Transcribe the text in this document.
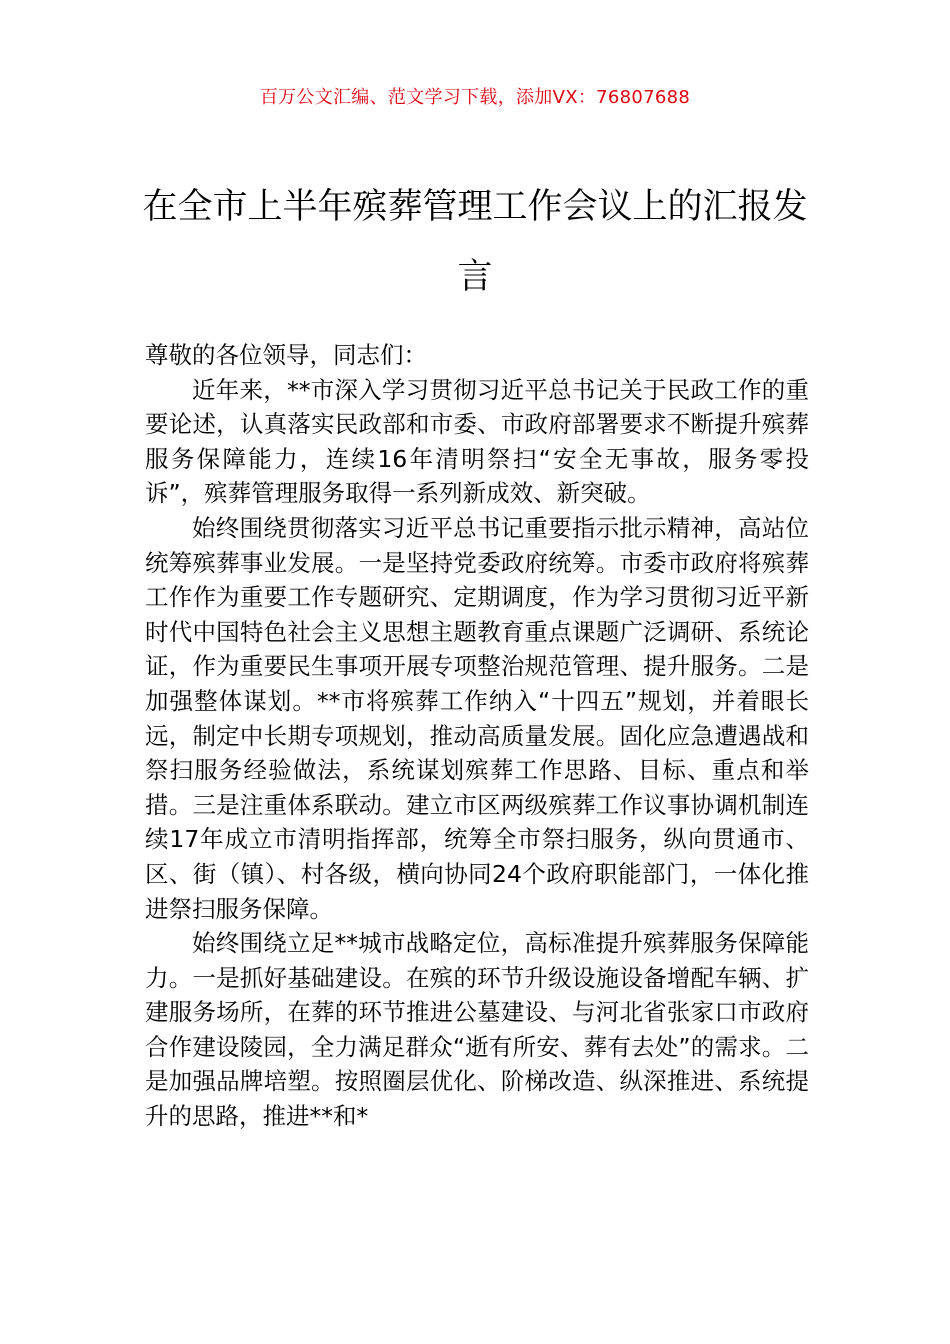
百万公文汇编、范文学习下载，添加VX：76807688
在全市上半年殡葬管理工作会议上的汇报发言

尊敬的各位领导，同志们：

近年来，**市深入学习贯彻习近平总书记关于民政工作的重要论述，认真落实民政部和市委、市政府部署要求不断提升殡葬服务保障能力，连续16年清明祭扫“安全无事故，服务零投诉”，殡葬管理服务取得一系列新成效、新突破。

始终围绕贯彻落实习近平总书记重要指示批示精神，高站位统筹殡葬事业发展。一是坚持党委政府统筹。市委市政府将殡葬工作作为重要工作专题研究、定期调度，作为学习贯彻习近平新时代中国特色社会主义思想主题教育重点课题广泛调研、系统论证，作为重要民生事项开展专项整治规范管理、提升服务。二是加强整体谋划。**市将殡葬工作纳入“十四五”规划，并着眼长远，制定中长期专项规划，推动高质量发展。固化应急遭遇战和祭扫服务经验做法，系统谋划殡葬工作思路、目标、重点和举措。三是注重体系联动。建立市区两级殡葬工作议事协调机制连续17年成立市清明指挥部，统筹全市祭扫服务，纵向贯通市、区、街（镇）、村各级，横向协同24个政府职能部门，一体化推进祭扫服务保障。

始终围绕立足**城市战略定位，高标准提升殡葬服务保障能力。一是抓好基础建设。在殡的环节升级设施设备增配车辆、扩建服务场所，在葬的环节推进公墓建设、与河北省张家口市政府合作建设陵园，全力满足群众“逝有所安、葬有去处”的需求。二是加强品牌培塑。按照圈层优化、阶梯改造、纵深推进、系统提升的思路，推进**和*
